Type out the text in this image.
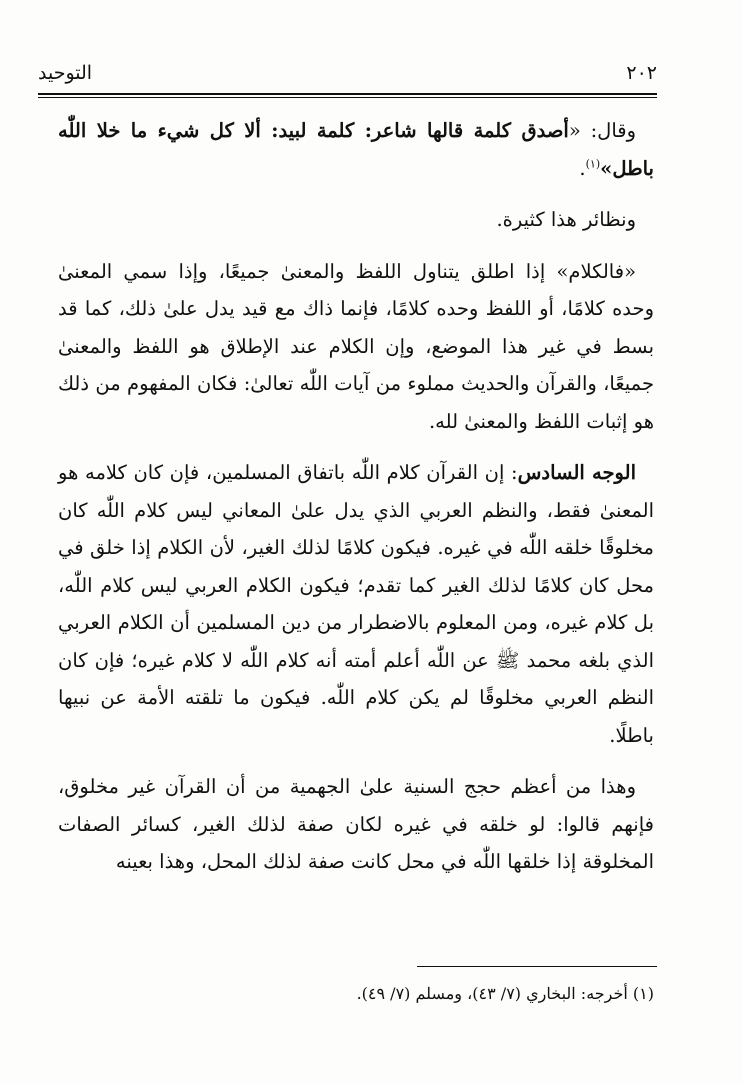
التوحيد	٢٠٢

وقال: «أصدق كلمة قالها شاعر: كلمة لبيد: ألا كل شيء ما خلا اللّٰه باطل»$^{(١)}$.

ونظائر هذا كثيرة.

«فالكلام» إذا اطلق يتناول اللفظ والمعنىٰ جميعًا، وإذا سمي المعنىٰ وحده كلامًا، أو اللفظ وحده كلامًا، فإنما ذاك مع قيد يدل علىٰ ذلك، كما قد بسط في غير هذا الموضع، وإن الكلام عند الإطلاق هو اللفظ والمعنىٰ جميعًا، والقرآن والحديث مملوء من آيات اللّٰه تعالىٰ: فكان المفهوم من ذلك هو إثبات اللفظ والمعنىٰ لله.

الوجه السادس: إن القرآن كلام اللّٰه باتفاق المسلمين، فإن كان كلامه هو المعنىٰ فقط، والنظم العربي الذي يدل علىٰ المعاني ليس كلام اللّٰه كان مخلوقًا خلقه اللّٰه في غيره. فيكون كلامًا لذلك الغير، لأن الكلام إذا خلق في محل كان كلامًا لذلك الغير كما تقدم؛ فيكون الكلام العربي ليس كلام اللّٰه، بل كلام غيره، ومن المعلوم بالاضطرار من دين المسلمين أن الكلام العربي الذي بلغه محمد ﷺ عن اللّٰه أعلم أمته أنه كلام اللّٰه لا كلام غيره؛ فإن كان النظم العربي مخلوقًا لم يكن كلام اللّٰه. فيكون ما تلقته الأمة عن نبيها باطلًا.

وهذا من أعظم حجج السنية علىٰ الجهمية من أن القرآن غير مخلوق، فإنهم قالوا: لو خلقه في غيره لكان صفة لذلك الغير، كسائر الصفات المخلوقة إذا خلقها اللّٰه في محل كانت صفة لذلك المحل، وهذا بعينه

(١) أخرجه: البخاري (٧/ ٤٣)، ومسلم (٧/ ٤٩).
